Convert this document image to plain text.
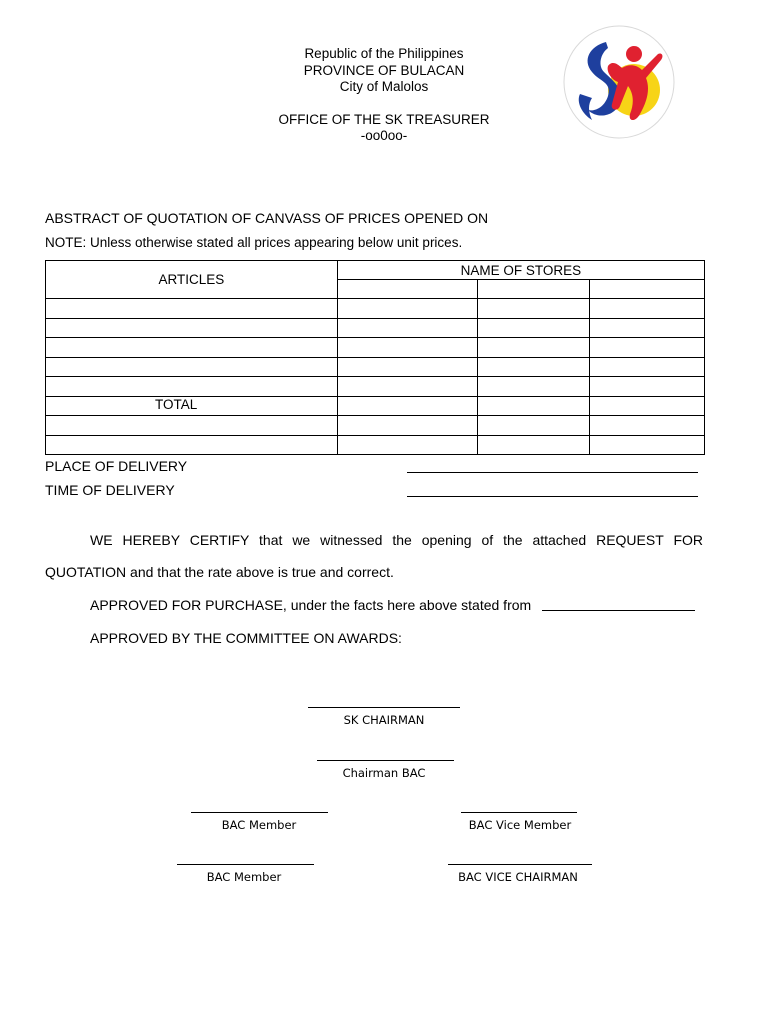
Republic of the Philippines
PROVINCE OF BULACAN
City of Malolos
OFFICE OF THE SK TREASURER
-oo0oo-
SK
ABSTRACT OF QUOTATION OF CANVASS OF PRICES OPENED ON
NOTE: Unless otherwise stated all prices appearing below unit prices.
ARTICLES	NAME OF STORES		

TOTAL			

PLACE OF DELIVERY
TIME OF DELIVERY
WE HEREBY CERTIFY that we witnessed the opening of the attached REQUEST FOR
QUOTATION and that the rate above is true and correct.
APPROVED FOR PURCHASE, under the facts here above stated from
APPROVED BY THE COMMITTEE ON AWARDS:
SK CHAIRMAN
Chairman BAC
BAC Member	BAC Vice Member
BAC Member	BAC VICE CHAIRMAN
